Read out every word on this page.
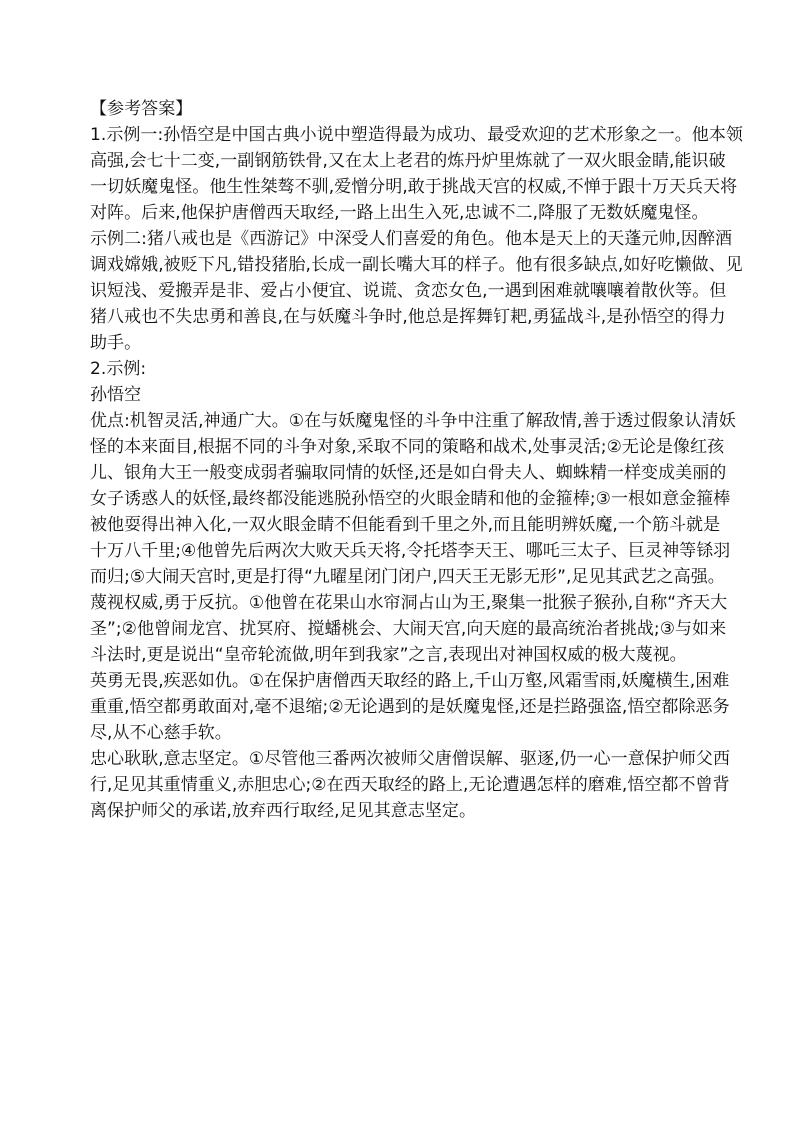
【参考答案】
1.示例一:孙悟空是中国古典小说中塑造得最为成功、最受欢迎的艺术形象之一。他本领
高强,会七十二变,一副钢筋铁骨,又在太上老君的炼丹炉里炼就了一双火眼金睛,能识破
一切妖魔鬼怪。他生性桀骜不驯,爱憎分明,敢于挑战天宫的权威,不惮于跟十万天兵天将
对阵。后来,他保护唐僧西天取经,一路上出生入死,忠诚不二,降服了无数妖魔鬼怪。
示例二:猪八戒也是《西游记》中深受人们喜爱的角色。他本是天上的天蓬元帅,因醉酒
调戏嫦娥,被贬下凡,错投猪胎,长成一副长嘴大耳的样子。他有很多缺点,如好吃懒做、见
识短浅、爱搬弄是非、爱占小便宜、说谎、贪恋女色,一遇到困难就嚷嚷着散伙等。但
猪八戒也不失忠勇和善良,在与妖魔斗争时,他总是挥舞钉耙,勇猛战斗,是孙悟空的得力
助手。
2.示例:
孙悟空
优点:机智灵活,神通广大。①在与妖魔鬼怪的斗争中注重了解敌情,善于透过假象认清妖
怪的本来面目,根据不同的斗争对象,采取不同的策略和战术,处事灵活;②无论是像红孩
儿、银角大王一般变成弱者骗取同情的妖怪,还是如白骨夫人、蜘蛛精一样变成美丽的
女子诱惑人的妖怪,最终都没能逃脱孙悟空的火眼金睛和他的金箍棒;③一根如意金箍棒
被他耍得出神入化,一双火眼金睛不但能看到千里之外,而且能明辨妖魔,一个筋斗就是
十万八千里;④他曾先后两次大败天兵天将,令托塔李天王、哪吒三太子、巨灵神等铩羽
而归;⑤大闹天宫时,更是打得“九曜星闭门闭户,四天王无影无形”,足见其武艺之高强。
蔑视权威,勇于反抗。①他曾在花果山水帘洞占山为王,聚集一批猴子猴孙,自称“齐天大
圣”;②他曾闹龙宫、扰冥府、搅蟠桃会、大闹天宫,向天庭的最高统治者挑战;③与如来
斗法时,更是说出“皇帝轮流做,明年到我家”之言,表现出对神国权威的极大蔑视。
英勇无畏,疾恶如仇。①在保护唐僧西天取经的路上,千山万壑,风霜雪雨,妖魔横生,困难
重重,悟空都勇敢面对,毫不退缩;②无论遇到的是妖魔鬼怪,还是拦路强盗,悟空都除恶务
尽,从不心慈手软。
忠心耿耿,意志坚定。①尽管他三番两次被师父唐僧误解、驱逐,仍一心一意保护师父西
行,足见其重情重义,赤胆忠心;②在西天取经的路上,无论遭遇怎样的磨难,悟空都不曾背
离保护师父的承诺,放弃西行取经,足见其意志坚定。
